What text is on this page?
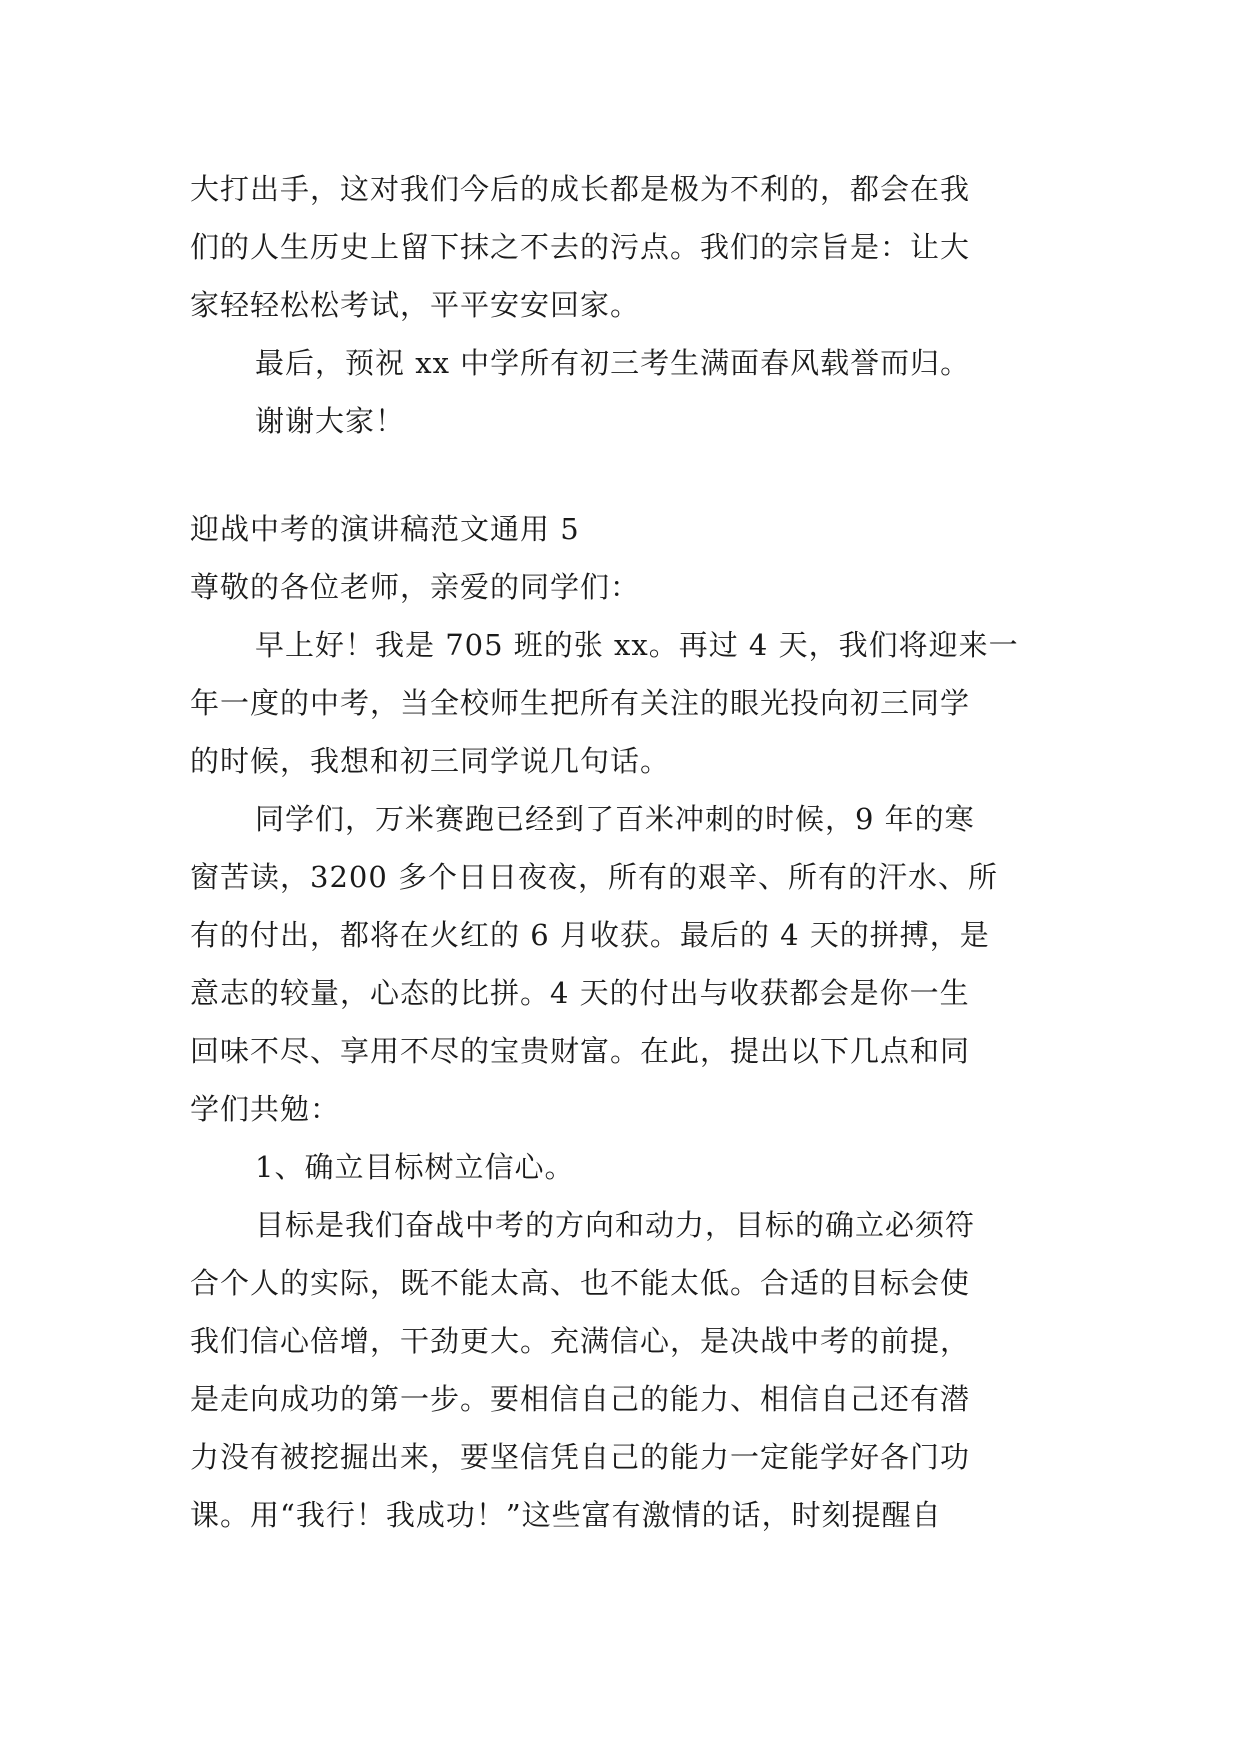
大打出手，这对我们今后的成长都是极为不利的，都会在我
们的人生历史上留下抹之不去的污点。我们的宗旨是：让大
家轻轻松松考试，平平安安回家。
最后，预祝 xx 中学所有初三考生满面春风载誉而归。
谢谢大家！
迎战中考的演讲稿范文通用 5
尊敬的各位老师，亲爱的同学们：
早上好！我是 705 班的张 xx。再过 4 天，我们将迎来一
年一度的中考，当全校师生把所有关注的眼光投向初三同学
的时候，我想和初三同学说几句话。
同学们，万米赛跑已经到了百米冲刺的时候，9 年的寒
窗苦读，3200 多个日日夜夜，所有的艰辛、所有的汗水、所
有的付出，都将在火红的 6 月收获。最后的 4 天的拼搏，是
意志的较量，心态的比拼。4 天的付出与收获都会是你一生
回味不尽、享用不尽的宝贵财富。在此，提出以下几点和同
学们共勉：
1、确立目标树立信心。
目标是我们奋战中考的方向和动力，目标的确立必须符
合个人的实际，既不能太高、也不能太低。合适的目标会使
我们信心倍增，干劲更大。充满信心，是决战中考的前提，
是走向成功的第一步。要相信自己的能力、相信自己还有潜
力没有被挖掘出来，要坚信凭自己的能力一定能学好各门功
课。用“我行！我成功！”这些富有激情的话，时刻提醒自
